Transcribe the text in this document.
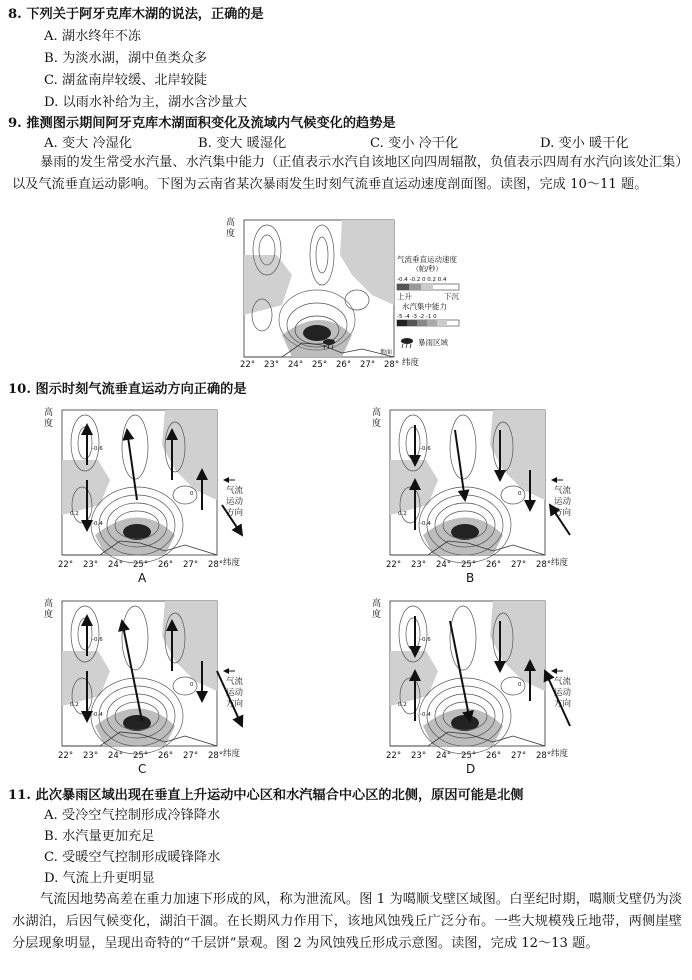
8. 下列关于阿牙克库木湖的说法，正确的是
A. 湖水终年不冻
B. 为淡水湖，湖中鱼类众多
C. 湖盆南岸较缓、北岸较陡
D. 以雨水补给为主，湖水含沙量大
9. 推测图示期间阿牙克库木湖面积变化及流域内气候变化的趋势是
A. 变大 冷湿化	B. 变大 暖湿化	C. 变小 冷干化	D. 变小 暖干化
暴雨的发生常受水汽量、水汽集中能力（正值表示水汽自该地区向四周辐散，负值表示四周有水汽向该处汇集）以及气流垂直运动影响。下图为云南省某次暴雨发生时刻气流垂直运动速度剖面图。读图，完成 10～11 题。
高
度
地面
22° 23° 24° 25° 26° 27° 28° 纬度
气流垂直运动速度
（帕/秒）
-0.4 -0.2 0 0.2 0.4
上升	下沉
水汽集中能力
-5 -4 -3 -2 -1 0
暴雨区域
10. 图示时刻气流垂直运动方向正确的是
高
度
-0.6
-0.4
0
0.2
气流
运动
方向
22° 23° 24° 25° 26° 27° 28° 纬度
A
高
度
-0.6
-0.4
0
0.2
气流
运动
方向
22° 23° 24° 25° 26° 27° 28° 纬度
B
高
度
-0.6
-0.4
0
0.2
气流
运动
方向
22° 23° 24° 25° 26° 27° 28° 纬度
C
高
度
-0.6
-0.4
0
0.2
气流
运动
方向
22° 23° 24° 25° 26° 27° 28° 纬度
D
11. 此次暴雨区域出现在垂直上升运动中心区和水汽辐合中心区的北侧，原因可能是北侧
A. 受冷空气控制形成冷锋降水
B. 水汽量更加充足
C. 受暖空气控制形成暖锋降水
D. 气流上升更明显
气流因地势高差在重力加速下形成的风，称为泄流风。图 1 为噶顺戈壁区域图。白垩纪时期，噶顺戈壁仍为淡水湖泊，后因气候变化，湖泊干涸。在长期风力作用下，该地风蚀残丘广泛分布。一些大规模残丘地带，两侧崖壁分层现象明显，呈现出奇特的“千层饼”景观。图 2 为风蚀残丘形成示意图。读图，完成 12～13 题。
